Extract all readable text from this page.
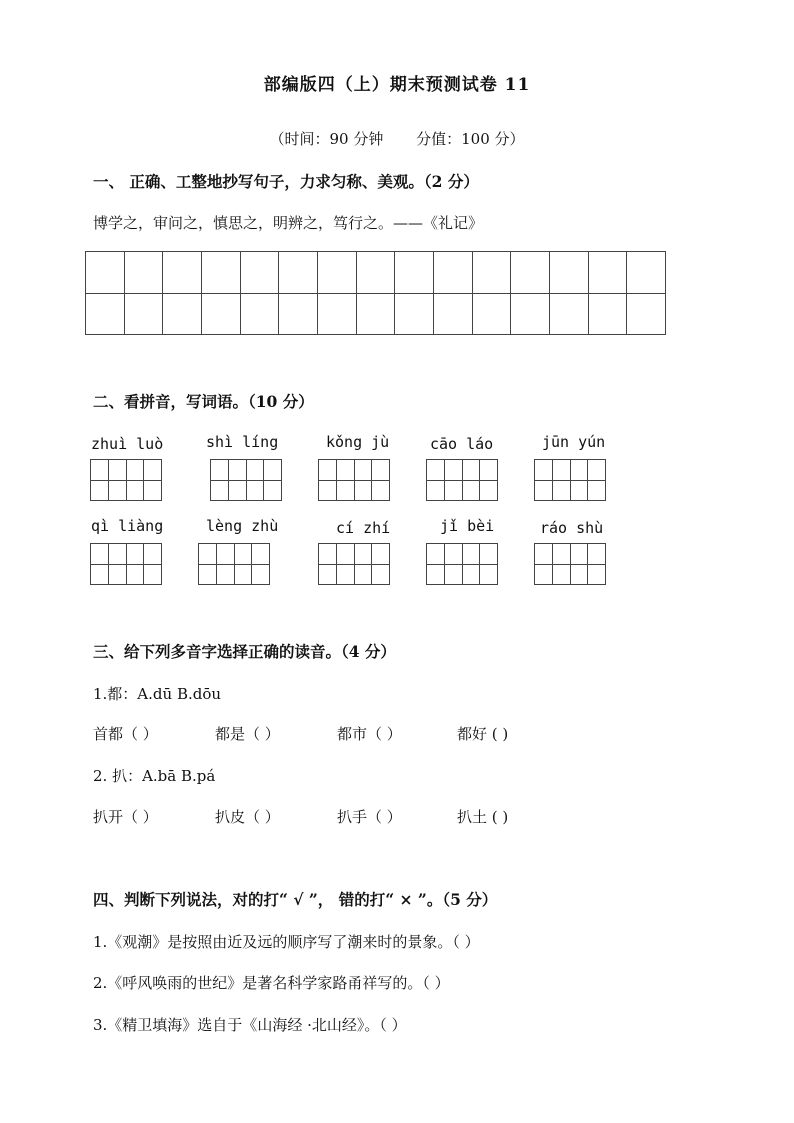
部编版四（上）期末预测试卷 11
（时间：90 分钟 分值：100 分）
一、 正确、工整地抄写句子，力求匀称、美观。（2 分）
博学之，审问之，慎思之，明辨之，笃行之。——《礼记》
二、看拼音，写词语。（10 分）
zhuì luò	shì líng	kǒng jù	cāo láo	jūn yún
qì liàng	lèng zhù	cí zhí	jǐ bèi	ráo shù
三、给下列多音字选择正确的读音。（4 分）
1.都：A.dū B.dōu
首都（ ）	都是（ ）	都市（ ）	都好 ( )
2. 扒：A.bā B.pá
扒开（ ）	扒皮（ ）	扒手（ ）	扒土 ( )
四、判断下列说法，对的打“ √ ”， 错的打“ × ”。（5 分）
1.《观潮》是按照由近及远的顺序写了潮来时的景象。（ ）
2.《呼风唤雨的世纪》是著名科学家路甬祥写的。（ ）
3.《精卫填海》选自于《山海经 ·北山经》。（ ）
